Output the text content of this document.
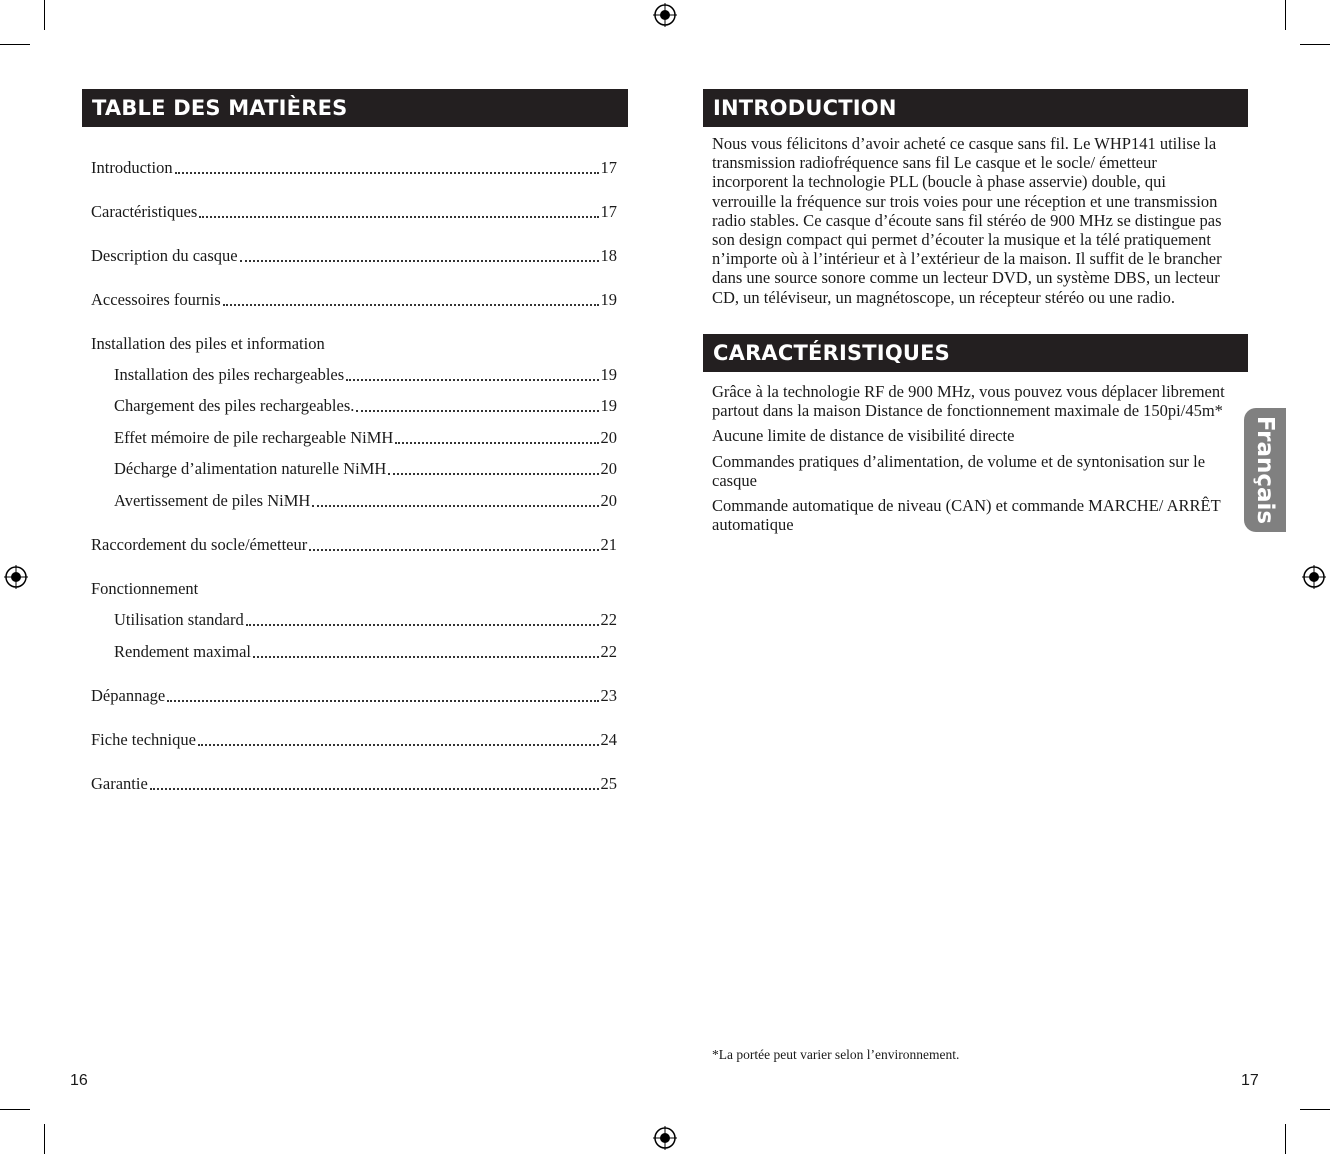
TABLE DES MATIÈRES
Introduction	17
Caractéristiques	17
Description du casque	18
Accessoires fournis	19
Installation des piles et information
Installation des piles rechargeables	19
Chargement des piles rechargeables.	19
Effet mémoire de pile rechargeable NiMH	20
Décharge d’alimentation naturelle NiMH	20
Avertissement de piles NiMH	20
Raccordement du socle/émetteur	21
Fonctionnement
Utilisation standard	22
Rendement maximal	22
Dépannage	23
Fiche technique	24
Garantie	25
16
INTRODUCTION

Nous vous félicitons d’avoir acheté ce casque sans fil. Le WHP141 utilise la transmission radiofréquence sans fil Le casque et le socle/ émetteur incorporent la technologie PLL (boucle à phase asservie) double, qui verrouille la fréquence sur trois voies pour une réception et une transmission radio stables. Ce casque d’écoute sans fil stéréo de 900 MHz se distingue pas son design compact qui permet d’écouter la musique et la télé pratiquement n’importe où à l’intérieur et à l’extérieur de la maison. Il suffit de le brancher dans une source sonore comme un lecteur DVD, un système DBS, un lecteur CD, un téléviseur, un magnétoscope, un récepteur stéréo ou une radio.

CARACTÉRISTIQUES

Grâce à la technologie RF de 900 MHz, vous pouvez vous déplacer librement partout dans la maison Distance de fonctionnement maximale de 150pi/45m*

Aucune limite de distance de visibilité directe

Commandes pratiques d’alimentation, de volume et de syntonisation sur le casque

Commande automatique de niveau (CAN) et commande MARCHE/ ARRÊT automatique

Français
*La portée peut varier selon l’environnement.
17
